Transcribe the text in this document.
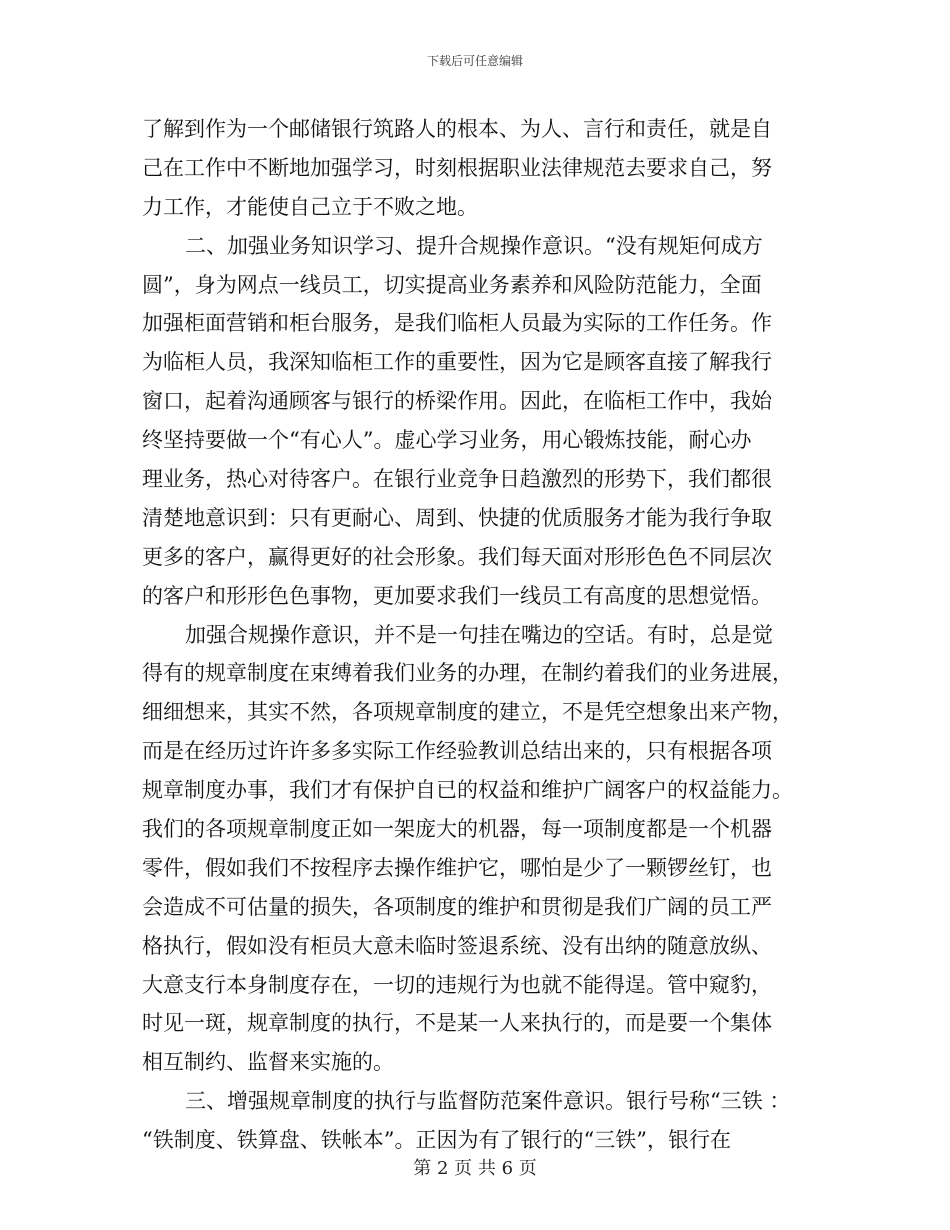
下载后可任意编辑
了解到作为一个邮储银行筑路人的根本、为人、言行和责任，就是自
己在工作中不断地加强学习，时刻根据职业法律规范去要求自己，努
力工作，才能使自己立于不败之地。
二、加强业务知识学习、提升合规操作意识。“没有规矩何成方
圆”，身为网点一线员工，切实提高业务素养和风险防范能力，全面
加强柜面营销和柜台服务，是我们临柜人员最为实际的工作任务。作
为临柜人员，我深知临柜工作的重要性，因为它是顾客直接了解我行
窗口，起着沟通顾客与银行的桥梁作用。因此，在临柜工作中，我始
终坚持要做一个“有心人”。虚心学习业务，用心锻炼技能，耐心办
理业务，热心对待客户。在银行业竞争日趋激烈的形势下，我们都很
清楚地意识到：只有更耐心、周到、快捷的优质服务才能为我行争取
更多的客户，赢得更好的社会形象。我们每天面对形形色色不同层次
的客户和形形色色事物，更加要求我们一线员工有高度的思想觉悟。
加强合规操作意识，并不是一句挂在嘴边的空话。有时，总是觉
得有的规章制度在束缚着我们业务的办理，在制约着我们的业务进展，
细细想来，其实不然，各项规章制度的建立，不是凭空想象出来产物，
而是在经历过许许多多实际工作经验教训总结出来的，只有根据各项
规章制度办事，我们才有保护自已的权益和维护广阔客户的权益能力。
我们的各项规章制度正如一架庞大的机器，每一项制度都是一个机器
零件，假如我们不按程序去操作维护它，哪怕是少了一颗锣丝钉，也
会造成不可估量的损失，各项制度的维护和贯彻是我们广阔的员工严
格执行，假如没有柜员大意未临时签退系统、没有出纳的随意放纵、
大意支行本身制度存在，一切的违规行为也就不能得逞。管中窥豹，
时见一斑，规章制度的执行，不是某一人来执行的，而是要一个集体
相互制约、监督来实施的。
三、增强规章制度的执行与监督防范案件意识。银行号称“三铁 ：
“铁制度、铁算盘、铁帐本”。正因为有了银行的“三铁”，银行在
第 2 页 共 6 页
